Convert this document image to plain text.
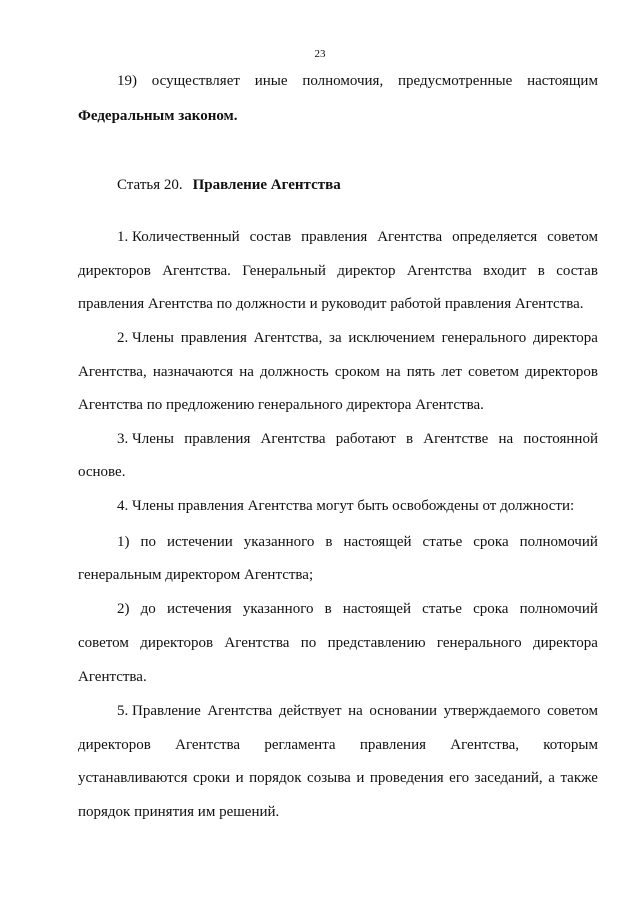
23
19) осуществляет иные полномочия, предусмотренные настоящим
Федеральным законом.
Статья 20. Правление Агентства
1. Количественный состав правления Агентства определяется советом
директоров Агентства. Генеральный директор Агентства входит в состав
правления Агентства по должности и руководит работой правления Агентства.
2. Члены правления Агентства, за исключением генерального директора
Агентства, назначаются на должность сроком на пять лет советом директоров
Агентства по предложению генерального директора Агентства.
3. Члены правления Агентства работают в Агентстве на постоянной
основе.
4. Члены правления Агентства могут быть освобождены от должности:
1) по истечении указанного в настоящей статье срока полномочий
генеральным директором Агентства;
2) до истечения указанного в настоящей статье срока полномочий
советом директоров Агентства по представлению генерального директора
Агентства.
5. Правление Агентства действует на основании утверждаемого советом
директоров Агентства регламента правления Агентства, которым
устанавливаются сроки и порядок созыва и проведения его заседаний, а также
порядок принятия им решений.
